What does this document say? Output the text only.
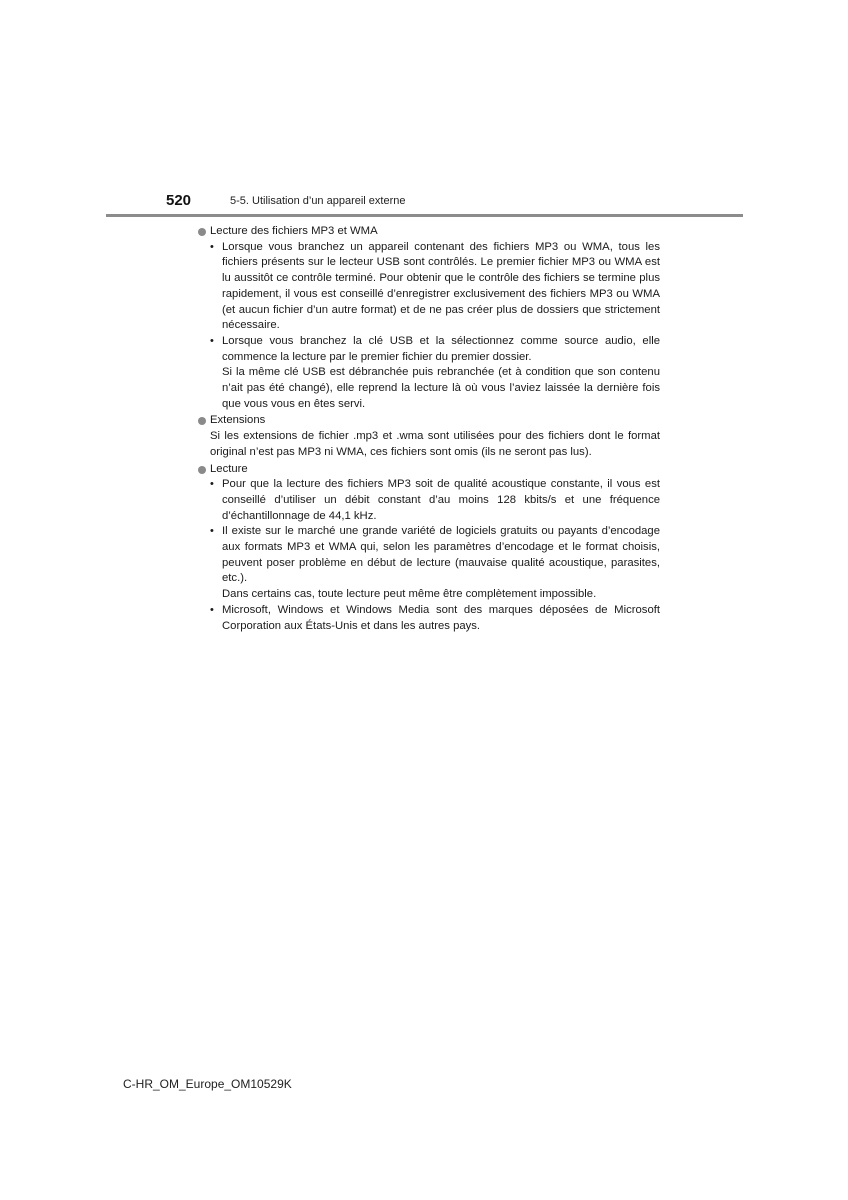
520	5-5. Utilisation d’un appareil externe
Lecture des fichiers MP3 et WMA
• Lorsque vous branchez un appareil contenant des fichiers MP3 ou WMA, tous les fichiers présents sur le lecteur USB sont contrôlés. Le premier fichier MP3 ou WMA est lu aussitôt ce contrôle terminé. Pour obtenir que le contrôle des fichiers se termine plus rapidement, il vous est conseillé d’enregistrer exclusivement des fichiers MP3 ou WMA (et aucun fichier d’un autre format) et de ne pas créer plus de dossiers que strictement nécessaire.
• Lorsque vous branchez la clé USB et la sélectionnez comme source audio, elle commence la lecture par le premier fichier du premier dossier.
Si la même clé USB est débranchée puis rebranchée (et à condition que son contenu n’ait pas été changé), elle reprend la lecture là où vous l’aviez laissée la dernière fois que vous vous en êtes servi.
Extensions
Si les extensions de fichier .mp3 et .wma sont utilisées pour des fichiers dont le format original n’est pas MP3 ni WMA, ces fichiers sont omis (ils ne seront pas lus).
Lecture
• Pour que la lecture des fichiers MP3 soit de qualité acoustique constante, il vous est conseillé d’utiliser un débit constant d’au moins 128 kbits/s et une fréquence d’échantillonnage de 44,1 kHz.
• Il existe sur le marché une grande variété de logiciels gratuits ou payants d’encodage aux formats MP3 et WMA qui, selon les paramètres d’encodage et le format choisis, peuvent poser problème en début de lecture (mauvaise qualité acoustique, parasites, etc.).
Dans certains cas, toute lecture peut même être complètement impossible.
• Microsoft, Windows et Windows Media sont des marques déposées de Microsoft Corporation aux États-Unis et dans les autres pays.
C-HR_OM_Europe_OM10529K
